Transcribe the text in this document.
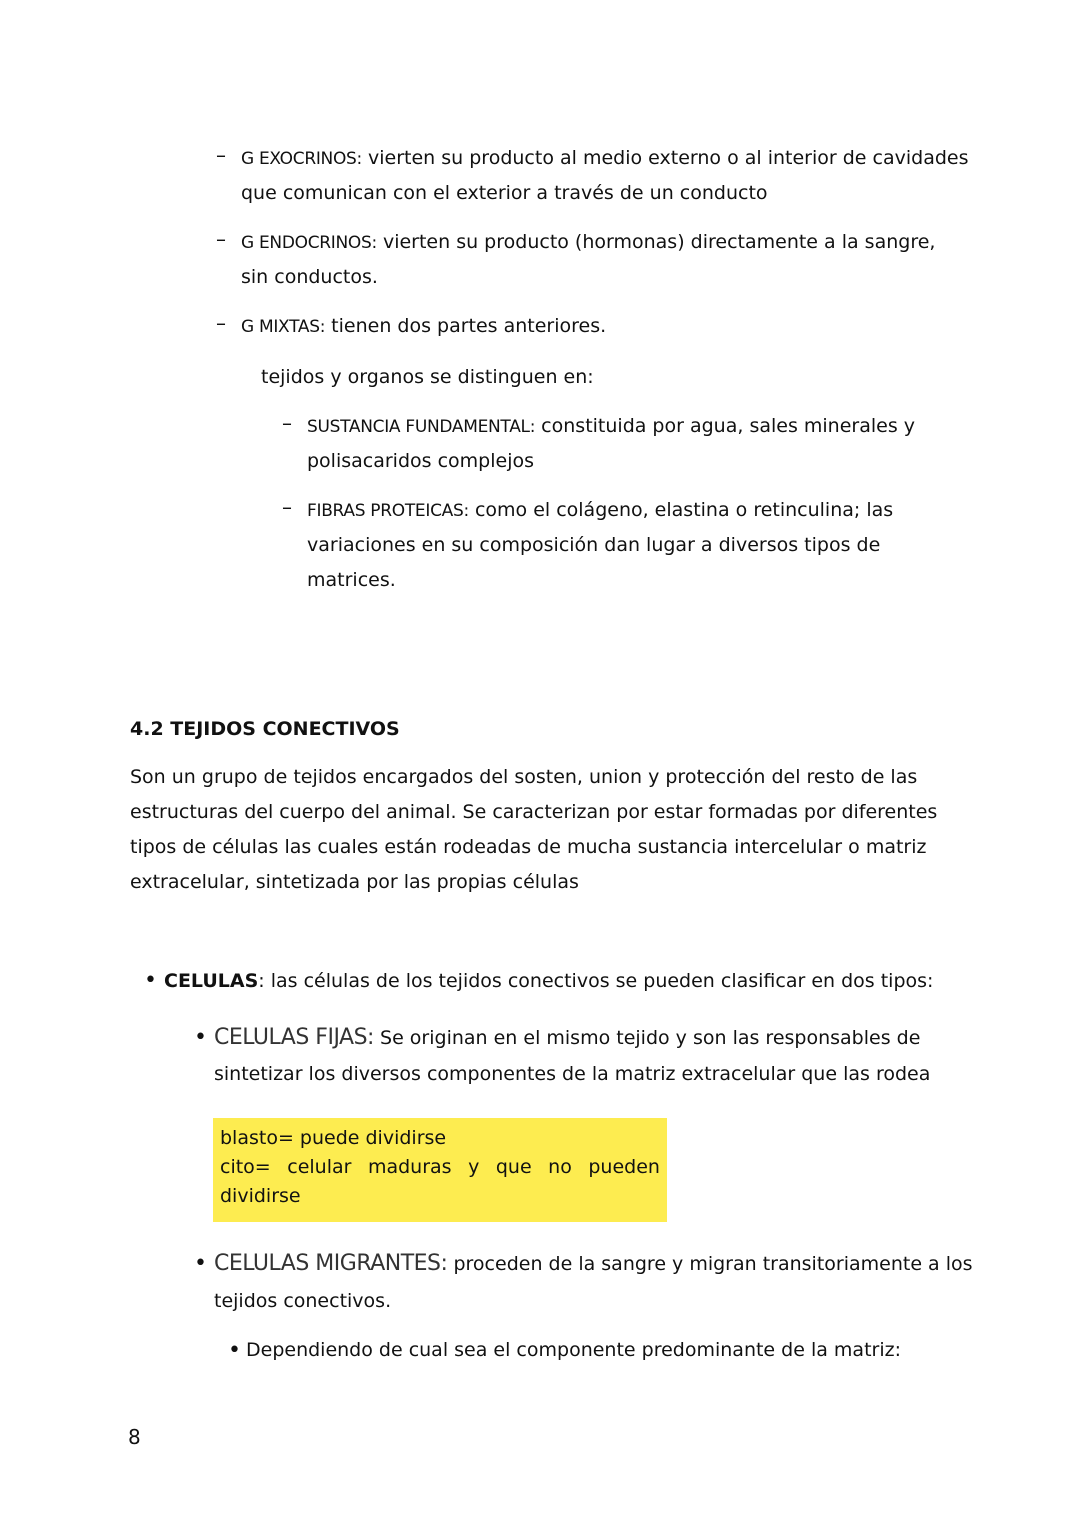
– G EXOCRINOS: vierten su producto al medio externo o al interior de cavidades
que comunican con el exterior a través de un conducto
– G ENDOCRINOS: vierten su producto (hormonas) directamente a la sangre,
sin conductos.
– G MIXTAS: tienen dos partes anteriores.
tejidos y organos se distinguen en:
– SUSTANCIA FUNDAMENTAL: constituida por agua, sales minerales y
polisacaridos complejos
– FIBRAS PROTEICAS: como el colágeno, elastina o retinculina; las
variaciones en su composición dan lugar a diversos tipos de
matrices.
4.2 TEJIDOS CONECTIVOS
Son un grupo de tejidos encargados del sosten, union y protección del resto de las
estructuras del cuerpo del animal. Se caracterizan por estar formadas por diferentes
tipos de células las cuales están rodeadas de mucha sustancia intercelular o matriz
extracelular, sintetizada por las propias células
• CELULAS: las células de los tejidos conectivos se pueden clasificar en dos tipos:
• CELULAS FIJAS: Se originan en el mismo tejido y son las responsables de
sintetizar los diversos componentes de la matriz extracelular que las rodea
blasto= puede dividirse
cito= celular maduras y que no pueden
dividirse
• CELULAS MIGRANTES: proceden de la sangre y migran transitoriamente a los
tejidos conectivos.
• Dependiendo de cual sea el componente predominante de la matriz:
8
